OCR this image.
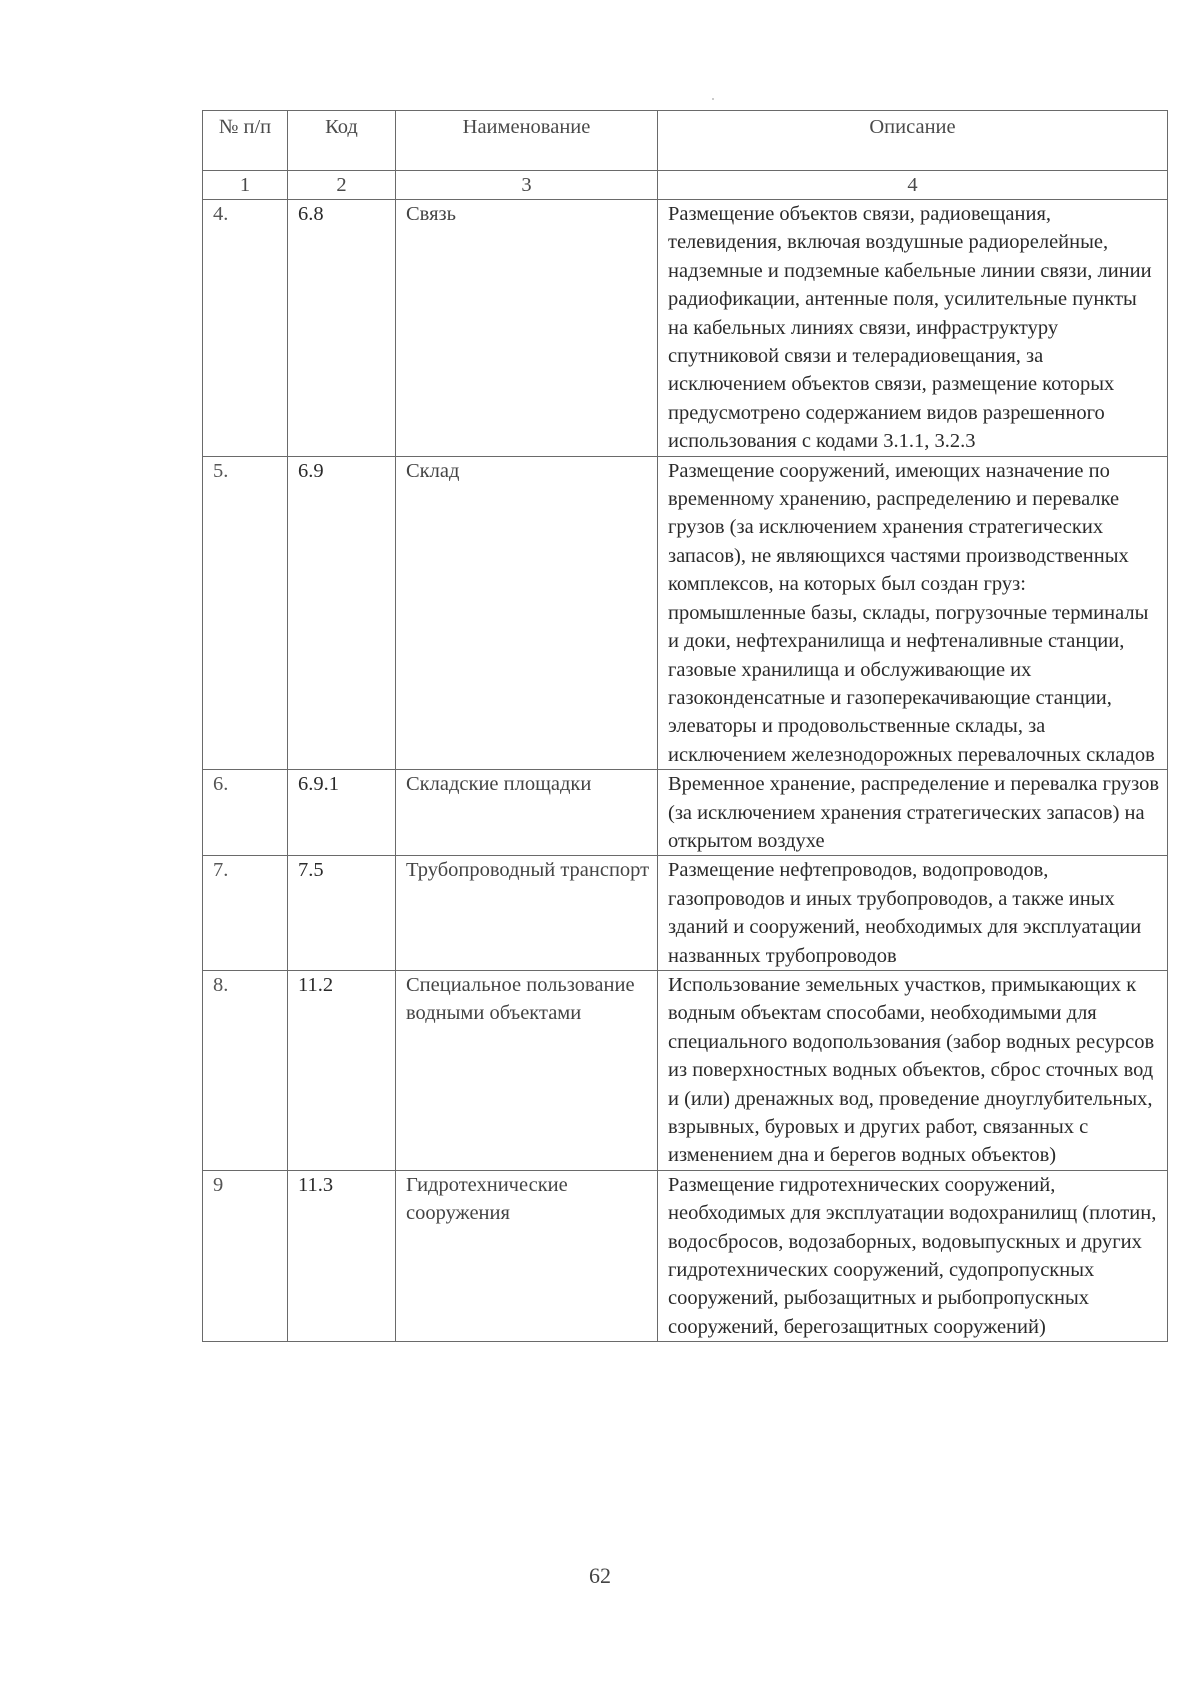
№ п/п	Код	Наименование	Описание
1	2	3	4
4.	6.8	Связь	Размещение объектов связи, радиовещания, телевидения, включая воздушные радиорелейные, надземные и подземные кабельные линии связи, линии радиофикации, антенные поля, усилительные пункты на кабельных линиях связи, инфраструктуру спутниковой связи и телерадиовещания, за исключением объектов связи, размещение которых предусмотрено содержанием видов разрешенного использования с кодами 3.1.1, 3.2.3
5.	6.9	Склад	Размещение сооружений, имеющих назначение по временному хранению, распределению и перевалке грузов (за исключением хранения стратегических запасов), не являющихся частями производственных комплексов, на которых был создан груз: промышленные базы, склады, погрузочные терминалы и доки, нефтехранилища и нефтеналивные станции, газовые хранилища и обслуживающие их газоконденсатные и газоперекачивающие станции, элеваторы и продовольственные склады, за исключением железнодорожных перевалочных складов
6.	6.9.1	Складские площадки	Временное хранение, распределение и перевалка грузов (за исключением хранения стратегических запасов) на открытом воздухе
7.	7.5	Трубопроводный транспорт	Размещение нефтепроводов, водопроводов, газопроводов и иных трубопроводов, а также иных зданий и сооружений, необходимых для эксплуатации названных трубопроводов
8.	11.2	Специальное пользование водными объектами	Использование земельных участков, примыкающих к водным объектам способами, необходимыми для специального водопользования (забор водных ресурсов из поверхностных водных объектов, сброс сточных вод и (или) дренажных вод, проведение дноуглубительных, взрывных, буровых и других работ, связанных с изменением дна и берегов водных объектов)
9	11.3	Гидротехнические сооружения	Размещение гидротехнических сооружений, необходимых для эксплуатации водохранилищ (плотин, водосбросов, водозаборных, водовыпускных и других гидротехнических сооружений, судопропускных сооружений, рыбозащитных и рыбопропускных сооружений, берегозащитных сооружений)
62
